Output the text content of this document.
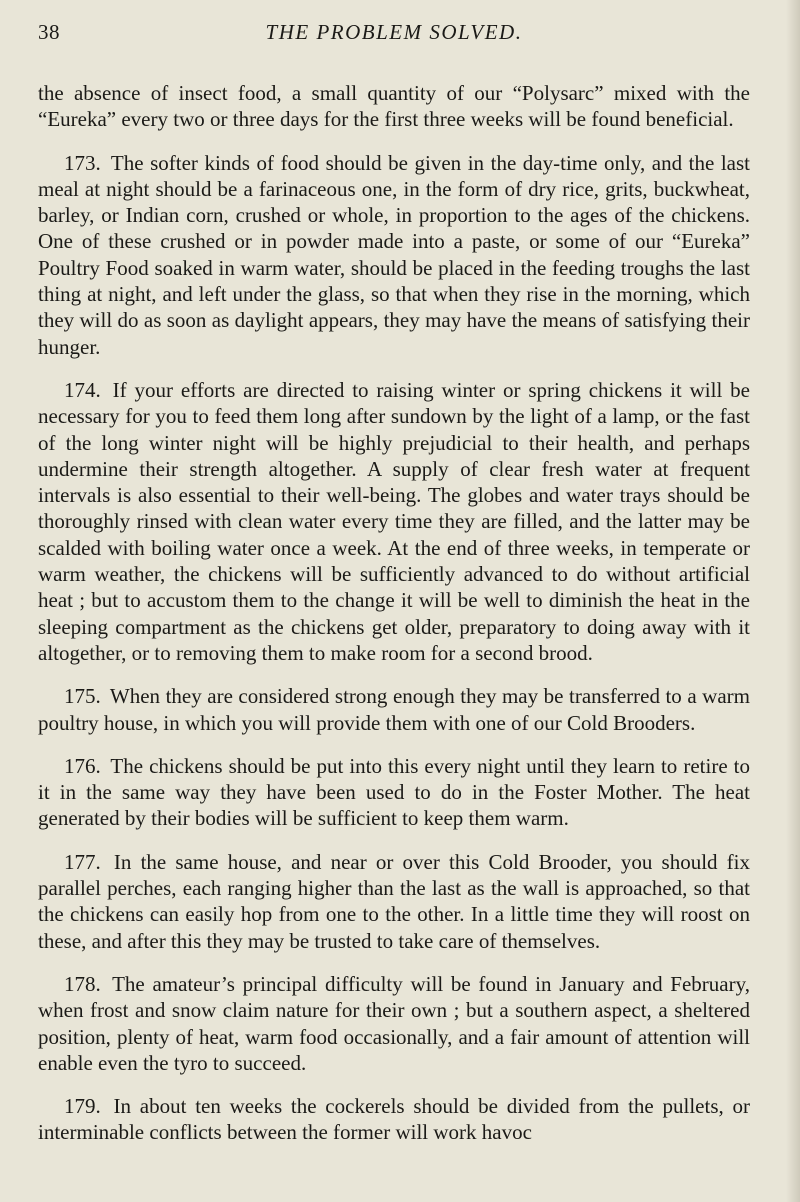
38	THE PROBLEM SOLVED.

the absence of insect food, a small quantity of our “Polysarc” mixed with the “Eureka” every two or three days for the first three weeks will be found beneficial.

173. The softer kinds of food should be given in the day-time only, and the last meal at night should be a farinaceous one, in the form of dry rice, grits, buckwheat, barley, or Indian corn, crushed or whole, in proportion to the ages of the chickens. One of these crushed or in powder made into a paste, or some of our “Eureka” Poultry Food soaked in warm water, should be placed in the feeding troughs the last thing at night, and left under the glass, so that when they rise in the morning, which they will do as soon as daylight appears, they may have the means of satisfying their hunger.

174. If your efforts are directed to raising winter or spring chickens it will be necessary for you to feed them long after sundown by the light of a lamp, or the fast of the long winter night will be highly prejudicial to their health, and perhaps undermine their strength altogether. A supply of clear fresh water at frequent intervals is also essential to their well-being. The globes and water trays should be thoroughly rinsed with clean water every time they are filled, and the latter may be scalded with boiling water once a week. At the end of three weeks, in temperate or warm weather, the chickens will be sufficiently advanced to do without artificial heat ; but to accustom them to the change it will be well to diminish the heat in the sleeping compartment as the chickens get older, preparatory to doing away with it altogether, or to removing them to make room for a second brood.

175. When they are considered strong enough they may be transferred to a warm poultry house, in which you will provide them with one of our Cold Brooders.

176. The chickens should be put into this every night until they learn to retire to it in the same way they have been used to do in the Foster Mother. The heat generated by their bodies will be sufficient to keep them warm.

177. In the same house, and near or over this Cold Brooder, you should fix parallel perches, each ranging higher than the last as the wall is approached, so that the chickens can easily hop from one to the other. In a little time they will roost on these, and after this they may be trusted to take care of themselves.

178. The amateur’s principal difficulty will be found in January and February, when frost and snow claim nature for their own ; but a southern aspect, a sheltered position, plenty of heat, warm food occasionally, and a fair amount of attention will enable even the tyro to succeed.

179. In about ten weeks the cockerels should be divided from the pullets, or interminable conflicts between the former will work havoc
